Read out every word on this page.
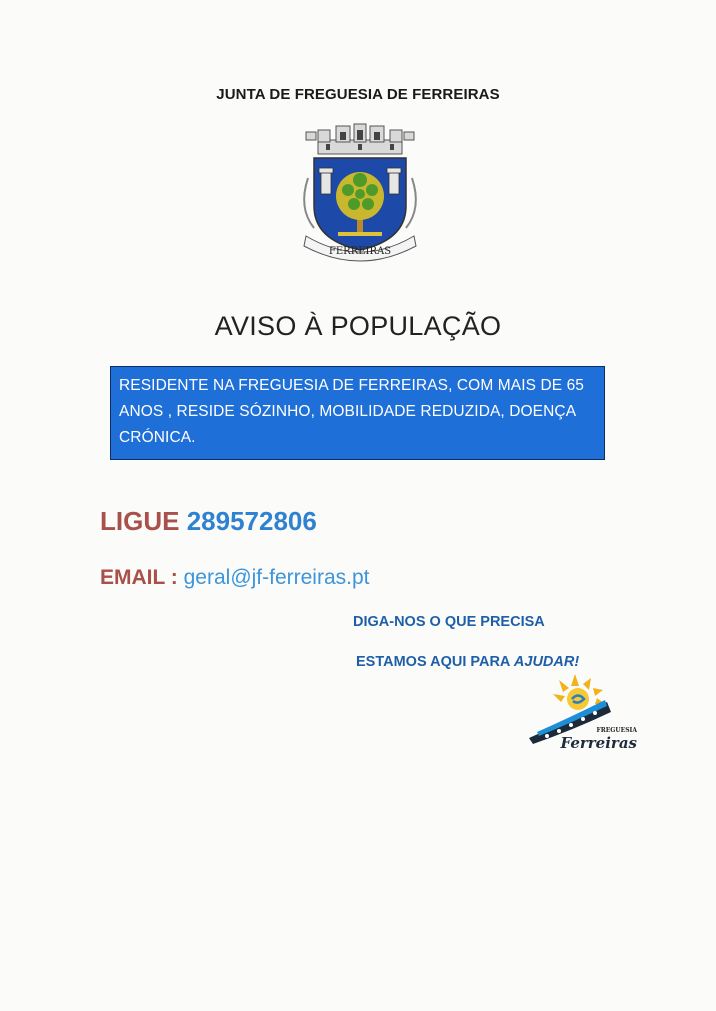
JUNTA DE FREGUESIA DE FERREIRAS
FERREIRAS
AVISO À POPULAÇÃO
RESIDENTE NA FREGUESIA DE FERREIRAS, COM MAIS DE 65 ANOS , RESIDE SÓZINHO, MOBILIDADE REDUZIDA, DOENÇA CRÓNICA.
LIGUE 289572806
EMAIL : geral@jf-ferreiras.pt
DIGA-NOS O QUE PRECISA
ESTAMOS AQUI PARA AJUDAR!
FREGUESIA
Ferreiras
